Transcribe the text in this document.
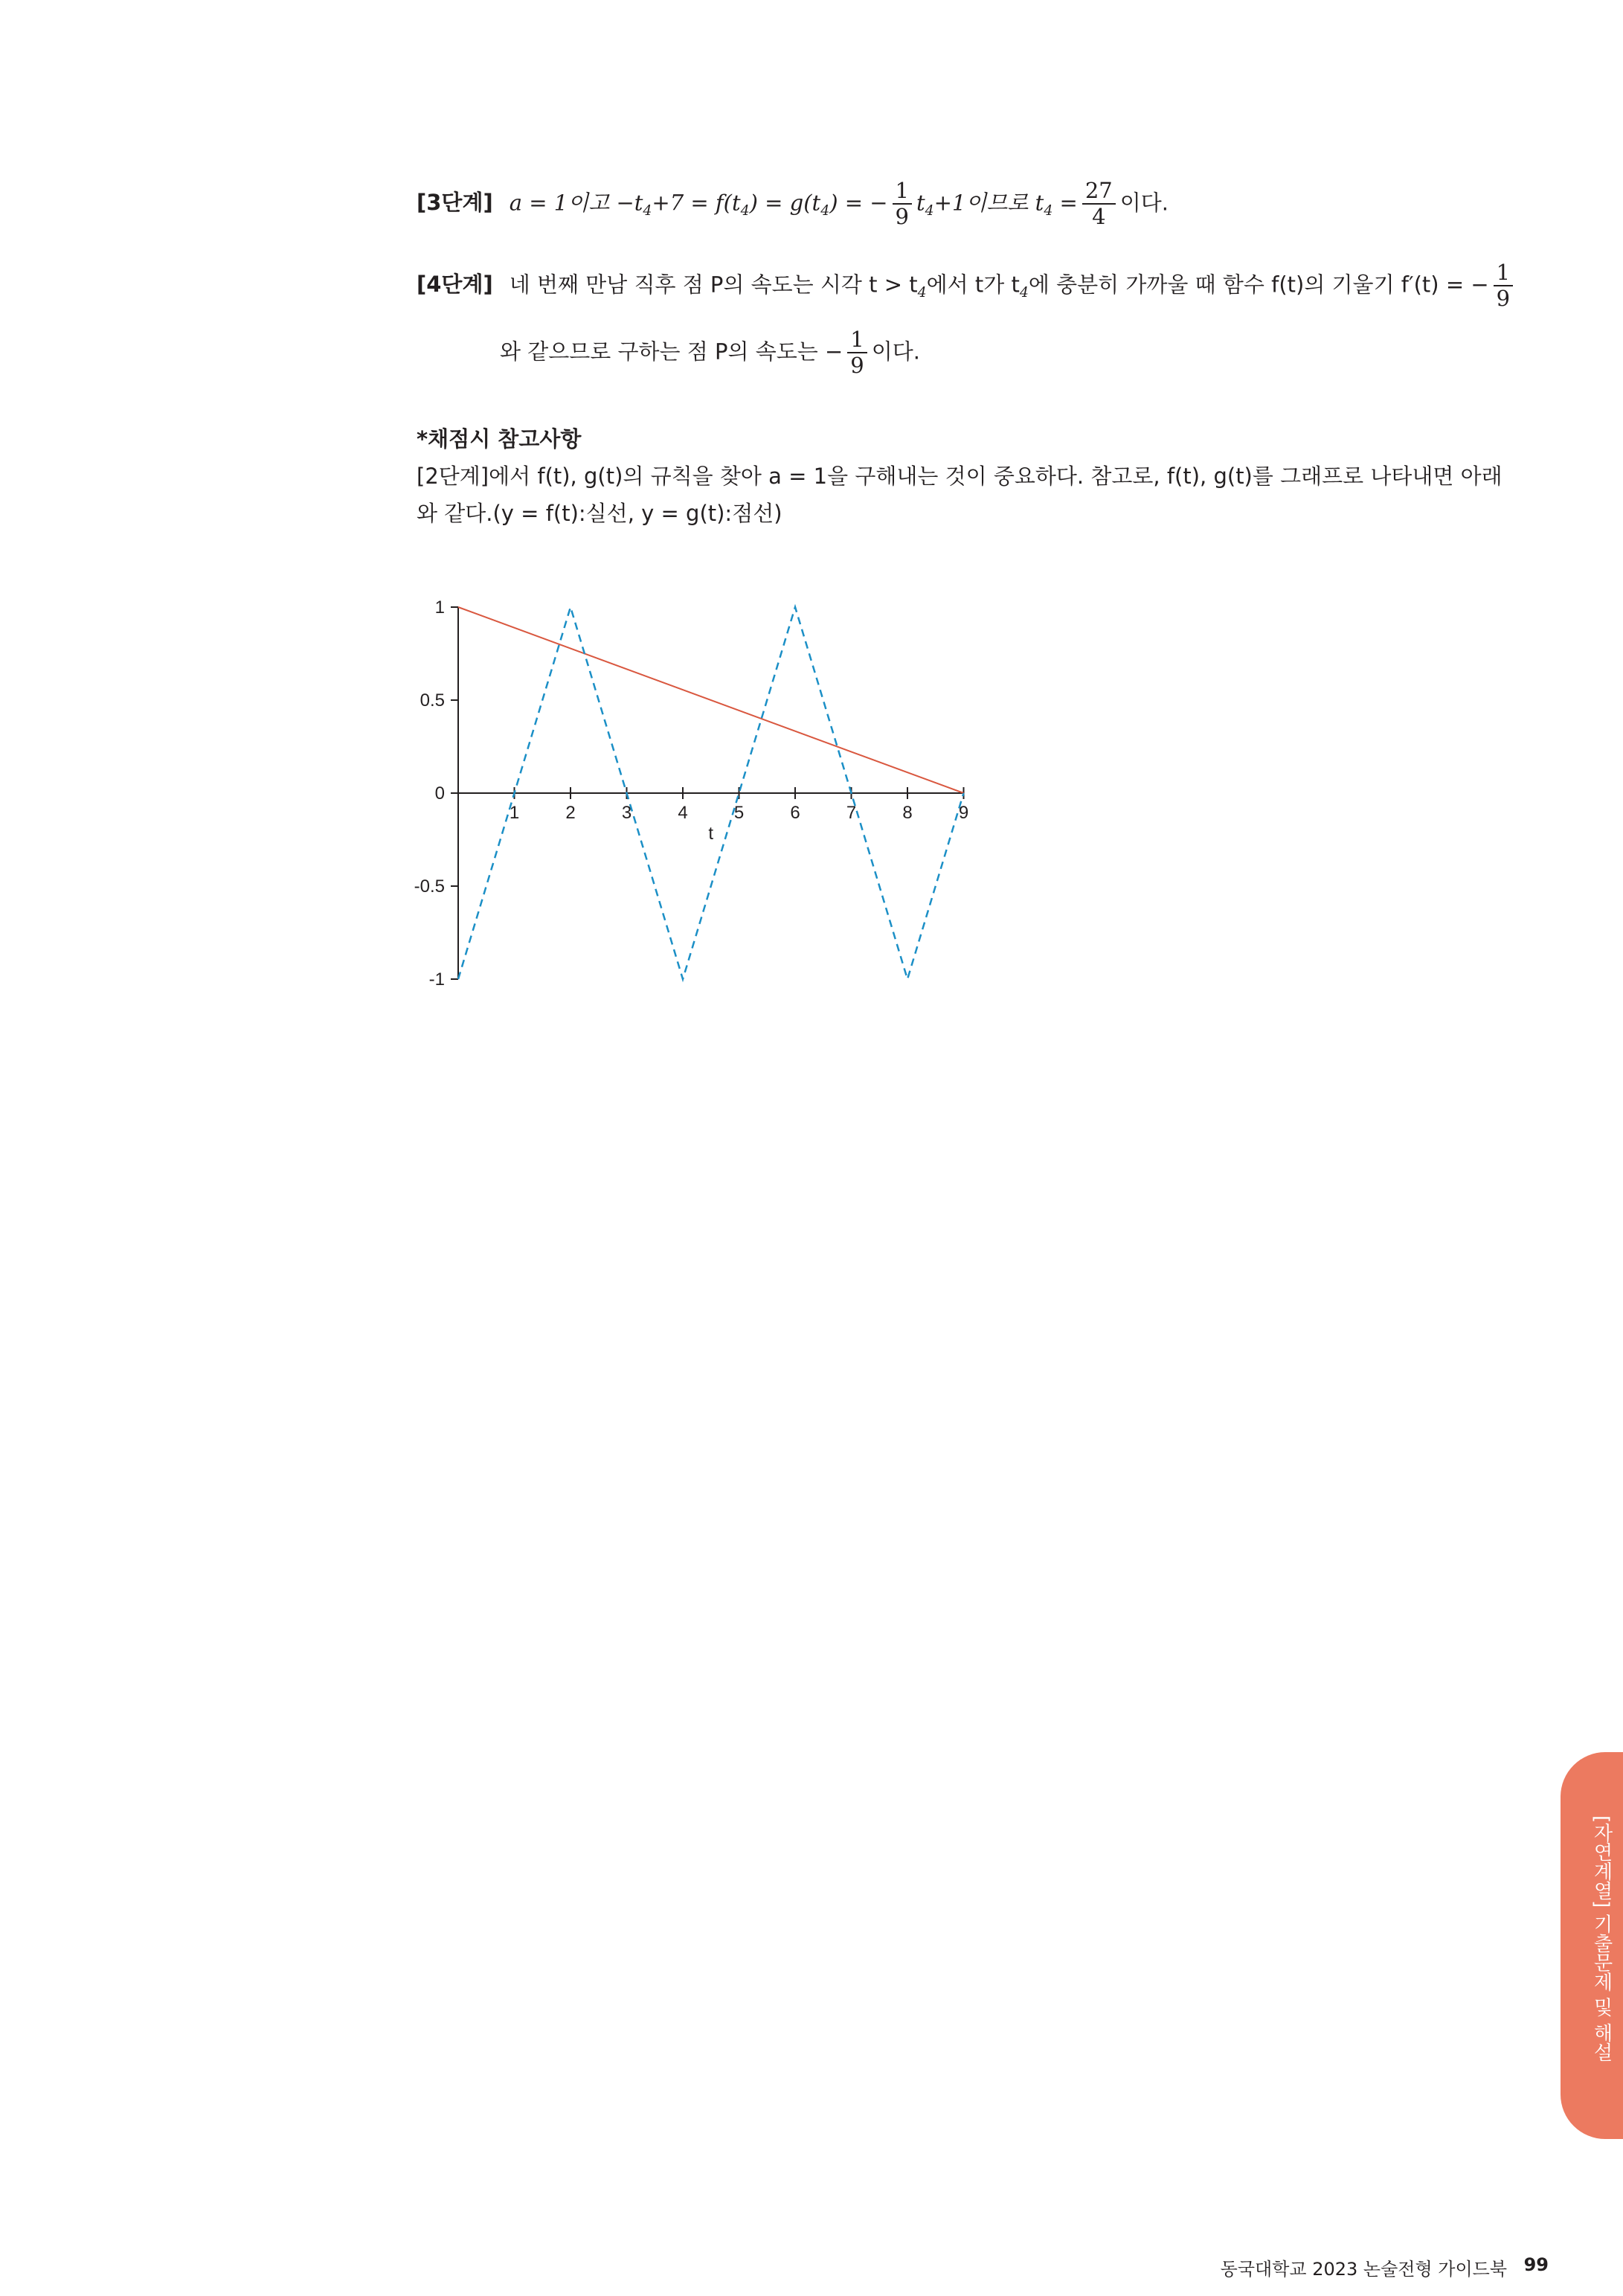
[3단계] a = 1이고 $-t_4+7 = f(t_4) = g(t_4)$ = − $\frac{1}{9} t_4+1$이므로 $t_4 = \frac{27}{4}$ 이다.
[4단계] 네 번째 만남 직후 점 P의 속도는 시각 $t > t_4$에서 t가 $t_4$에 충분히 가까울 때 함수 f(t)의 기울기 f′(t) = − $\frac{1}{9}$
와 같으므로 구하는 점 P의 속도는 − $\frac{1}{9}$ 이다.
*채점시 참고사항
[2단계]에서 f(t), g(t)의 규칙을 찾아 a = 1을 구해내는 것이 중요하다. 참고로, f(t), g(t)를 그래프로 나타내면 아래
와 같다.(y = f(t):실선, y = g(t):점선)
1
0.5
0
-0.5
-1
1	2	3	4	5	6	7	8	9
t
[자연계열] 기출문제 및 해설
동국대학교 2023 논술전형 가이드북 99
